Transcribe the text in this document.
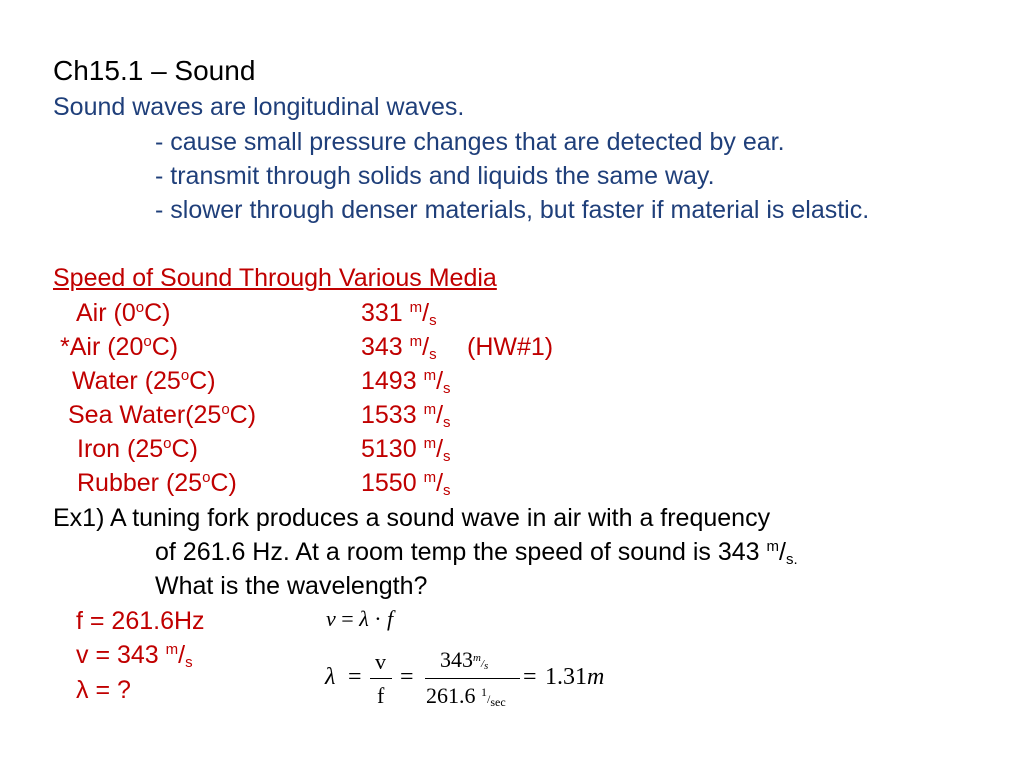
Ch15.1 – Sound
Sound waves are longitudinal waves.
- cause small pressure changes that are detected by ear.
- transmit through solids and liquids the same way.
- slower through denser materials, but faster if material is elastic.
Speed of Sound Through Various Media
Air (0$^o$C)	331 $^m/_s$
*Air (20$^o$C)	343 $^m/_s$ (HW#1)
Water (25$^o$C)	1493 $^m/_s$
Sea Water(25$^o$C)	1533 $^m/_s$
Iron (25$^o$C)	5130 $^m/_s$
Rubber (25$^o$C)	1550 $^m/_s$
Ex1) A tuning fork produces a sound wave in air with a frequency
of 261.6 Hz. At a room temp the speed of sound is 343 $^m/_{s.}$
What is the wavelength?
f = 261.6Hz
v = 343 $^m/_s$
λ = ?
v = λ · f
λ =
v
f
=
$343^m/s$
261.6 $^1$/sec
= 1.31m
